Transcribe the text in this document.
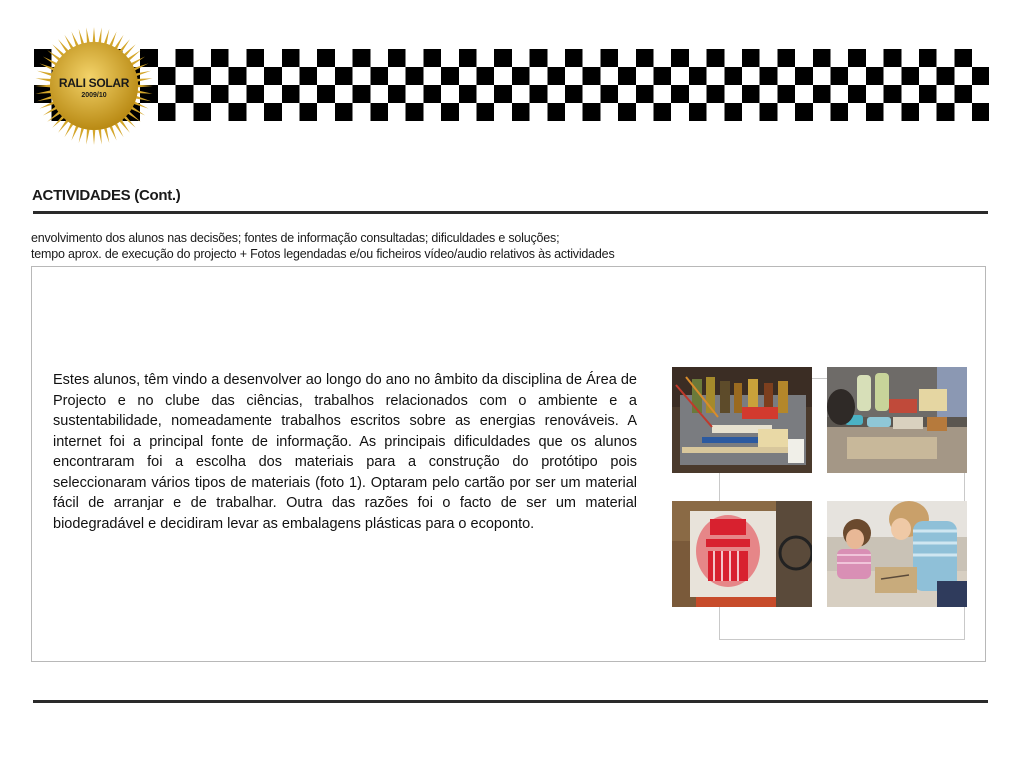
RALI SOLAR
2009/10
ACTIVIDADES (Cont.)
envolvimento dos alunos nas decisões; fontes de informação consultadas; dificuldades e soluções;
tempo aprox. de execução do projecto + Fotos legendadas e/ou ficheiros vídeo/audio relativos às actividades
Estes alunos, têm vindo a desenvolver ao longo do ano no âmbito da disciplina de Área de Projecto e no clube das ciências, trabalhos relacionados com o ambiente e a sustentabilidade, nomeadamente trabalhos escritos sobre as energias renováveis. A internet foi a principal fonte de informação. As principais dificuldades que os alunos encontraram foi a escolha dos materiais para a construção do protótipo pois seleccionaram vários tipos de materiais (foto 1). Optaram pelo cartão por ser um material fácil de arranjar e de trabalhar. Outra das razões foi o facto de ser um material biodegradável e decidiram levar as embalagens plásticas para o ecoponto.
